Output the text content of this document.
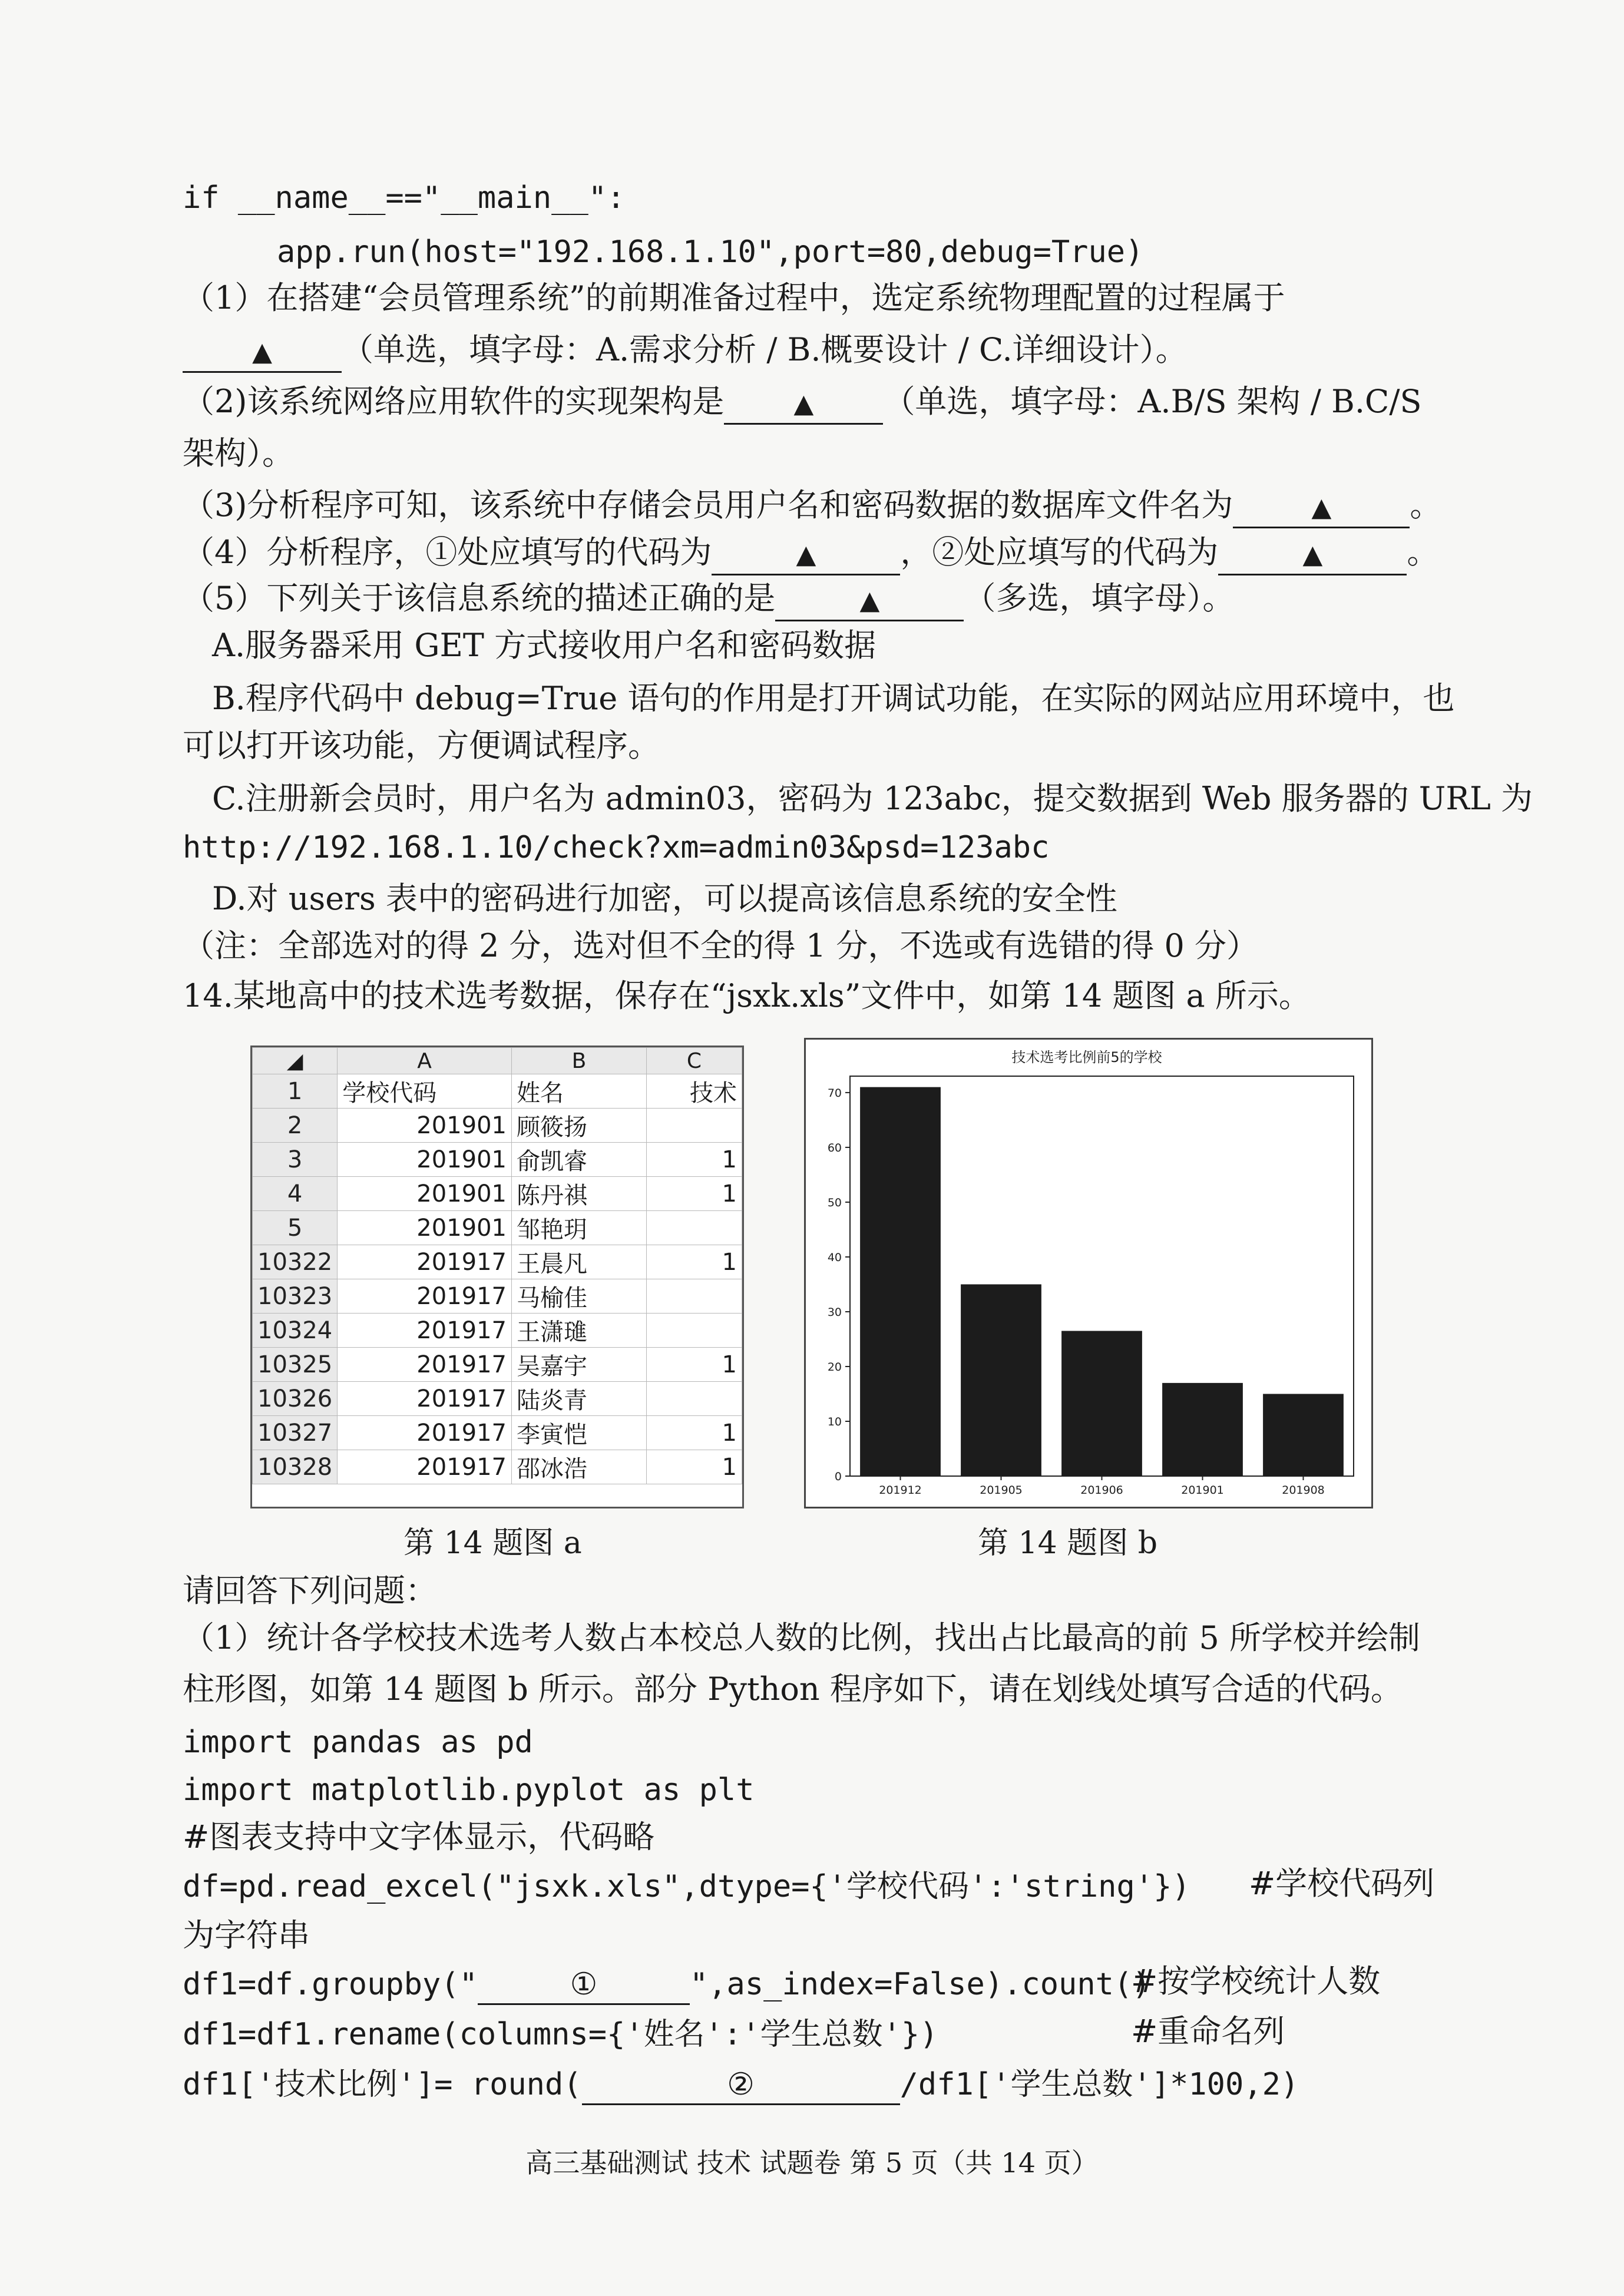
if __name__=="__main__":
app.run(host="192.168.1.10",port=80,debug=True)
（1）在搭建“会员管理系统”的前期准备过程中，选定系统物理配置的过程属于
▲ （单选，填字母：A.需求分析 / B.概要设计 / C.详细设计）。
（2)该系统网络应用软件的实现架构是	▲ （单选，填字母：A.B/S 架构 / B.C/S
架构）。
（3)分析程序可知，该系统中存储会员用户名和密码数据的数据库文件名为	▲ 。
（4）分析程序，①处应填写的代码为	▲	，②处应填写的代码为	▲	。
（5）下列关于该信息系统的描述正确的是	▲	（多选，填字母）。
A.服务器采用 GET 方式接收用户名和密码数据
B.程序代码中 debug=True 语句的作用是打开调试功能，在实际的网站应用环境中，也
可以打开该功能，方便调试程序。
C.注册新会员时，用户名为 admin03，密码为 123abc，提交数据到 Web 服务器的 URL 为
http://192.168.1.10/check?xm=admin03&psd=123abc
D.对 users 表中的密码进行加密，可以提高该信息系统的安全性
（注：全部选对的得 2 分，选对但不全的得 1 分，不选或有选错的得 0 分）
14.某地高中的技术选考数据，保存在“jsxk.xls”文件中，如第 14 题图 a 所示。
◢	A	B	C
1	学校代码	姓名	技术
2	201901	顾筱扬	
3	201901	俞凯睿	1
4	201901	陈丹祺	1
5	201901	邹艳玥	
10322	201917	王晨凡	1
10323	201917	马榆佳	
10324	201917	王潇璡	
10325	201917	吴嘉宇	1
10326	201917	陆炎青	
10327	201917	李寅恺	1
10328	201917	邵冰浩	1
技术选考比例前5的学校
0
10
20
30
40
50
60
70
201912	201905	201906	201901	201908
第 14 题图 a	第 14 题图 b
请回答下列问题：
（1）统计各学校技术选考人数占本校总人数的比例，找出占比最高的前 5 所学校并绘制
柱形图，如第 14 题图 b 所示。部分 Python 程序如下，请在划线处填写合适的代码。
import pandas as pd
import matplotlib.pyplot as plt
#图表支持中文字体显示，代码略
df=pd.read_excel("jsxk.xls",dtype={'学校代码':'string'})	#学校代码列
为字符串
df1=df.groupby("	①	",as_index=False).count()
#按学校统计人数
df1=df1.rename(columns={'姓名':'学生总数'})	#重命名列
df1['技术比例']= round(	②	/df1['学生总数']*100,2)
高三基础测试 技术 试题卷 第 5 页（共 14 页）
